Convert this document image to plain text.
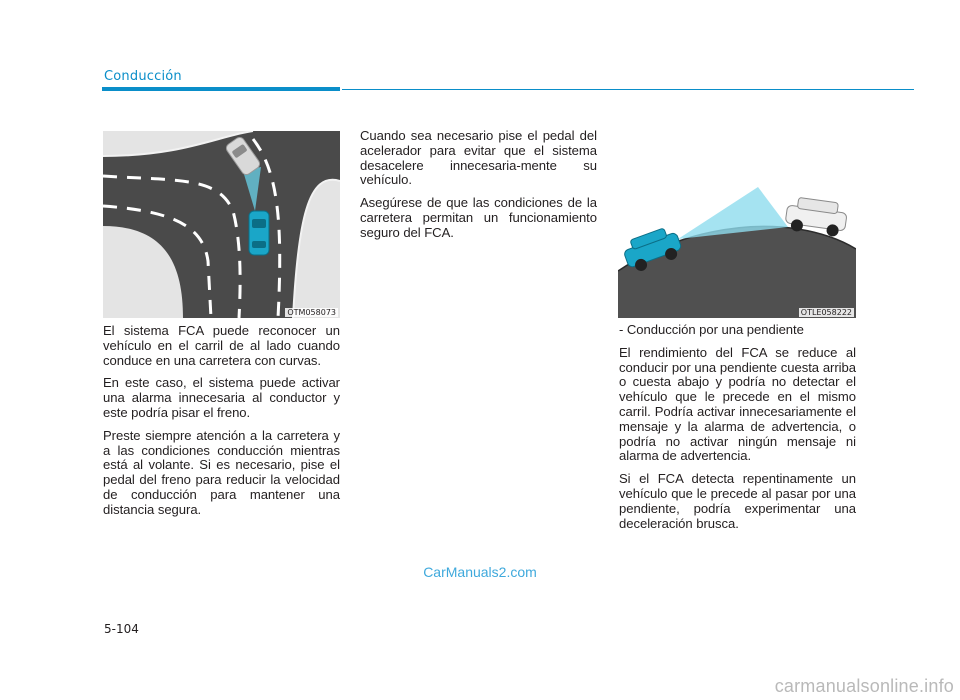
Conducción
OTM058073	OTLE058222

El sistema FCA puede reconocer un vehículo en el carril de al lado cuando conduce en una carretera con curvas.

En este caso, el sistema puede activar una alarma innecesaria al conductor y este podría pisar el freno.

Preste siempre atención a la carretera y a las condiciones conducción mientras está al volante. Si es necesario, pise el pedal del freno para reducir la velocidad de conducción para mantener una distancia segura.

Cuando sea necesario pise el pedal del acelerador para evitar que el sistema desacelere innecesaria-mente su vehículo.

Asegúrese de que las condiciones de la carretera permitan un funcionamiento seguro del FCA.

- Conducción por una pendiente

El rendimiento del FCA se reduce al conducir por una pendiente cuesta arriba o cuesta abajo y podría no detectar el vehículo que le precede en el mismo carril. Podría activar innecesariamente el mensaje y la alarma de advertencia, o podría no activar ningún mensaje ni alarma de advertencia.

Si el FCA detecta repentinamente un vehículo que le precede al pasar por una pendiente, podría experimentar una deceleración brusca.

CarManuals2.com
5-104
carmanualsonline.info
